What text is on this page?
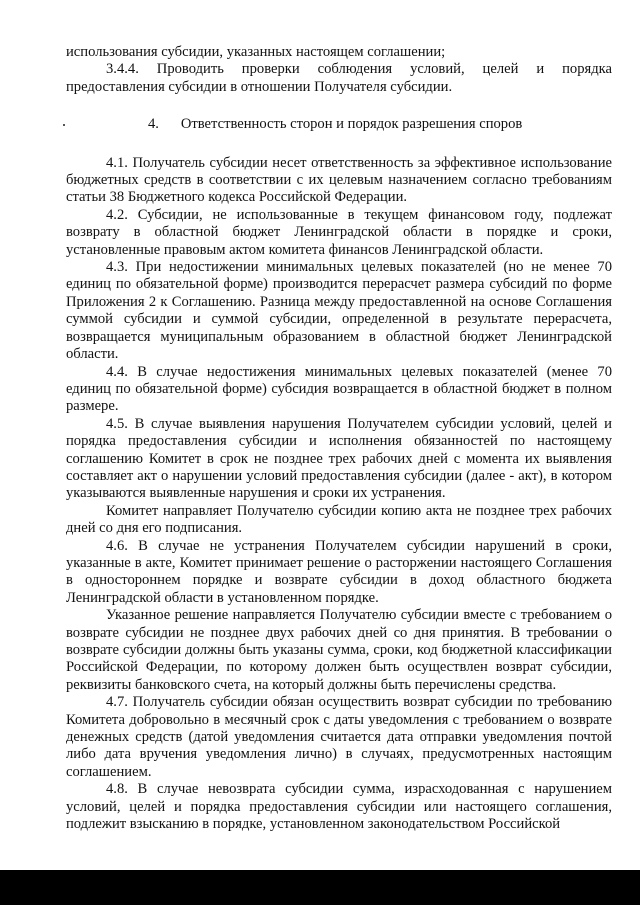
использования субсидии, указанных настоящем соглашении;

3.4.4. Проводить проверки соблюдения условий, целей и порядка предоставления субсидии в отношении Получателя субсидии.

4.      Ответственность сторон и порядок разрешения споров

4.1. Получатель субсидии несет ответственность за эффективное использование бюджетных средств в соответствии с их целевым назначением согласно требованиям статьи 38 Бюджетного кодекса Российской Федерации.

4.2. Субсидии, не использованные в текущем финансовом году, подлежат возврату в областной бюджет Ленинградской области в порядке и сроки, установленные правовым актом комитета финансов Ленинградской области.

4.3. При недостижении минимальных целевых показателей (но не менее 70 единиц по обязательной форме) производится перерасчет размера субсидий по форме Приложения 2 к Соглашению. Разница между предоставленной на основе Соглашения суммой субсидии и суммой субсидии, определенной в результате перерасчета, возвращается муниципальным образованием в областной бюджет Ленинградской области.

4.4. В случае недостижения минимальных целевых показателей (менее 70 единиц по обязательной форме) субсидия возвращается в областной бюджет в полном размере.

4.5. В случае выявления нарушения Получателем субсидии условий, целей и порядка предоставления субсидии и исполнения обязанностей по настоящему соглашению Комитет в срок не позднее трех рабочих дней с момента их выявления составляет акт о нарушении условий предоставления субсидии (далее - акт), в котором указываются выявленные нарушения и сроки их устранения.

Комитет направляет Получателю субсидии копию акта не позднее трех рабочих дней со дня его подписания.

4.6. В случае не устранения Получателем субсидии нарушений в сроки, указанные в акте, Комитет принимает решение о расторжении настоящего Соглашения в одностороннем порядке и возврате субсидии в доход областного бюджета Ленинградской области в установленном порядке.

Указанное решение направляется Получателю субсидии вместе с требованием о возврате субсидии не позднее двух рабочих дней со дня принятия. В требовании о возврате субсидии должны быть указаны сумма, сроки, код бюджетной классификации Российской Федерации, по которому должен быть осуществлен возврат субсидии, реквизиты банковского счета, на который должны быть перечислены средства.

4.7. Получатель субсидии обязан осуществить возврат субсидии по требованию Комитета добровольно в месячный срок с даты уведомления с требованием о возврате денежных средств (датой уведомления считается дата отправки уведомления почтой либо дата вручения уведомления лично) в случаях, предусмотренных настоящим соглашением.

4.8. В случае невозврата субсидии сумма, израсходованная с нарушением условий, целей и порядка предоставления субсидии или настоящего соглашения, подлежит взысканию в порядке, установленном законодательством Российской
